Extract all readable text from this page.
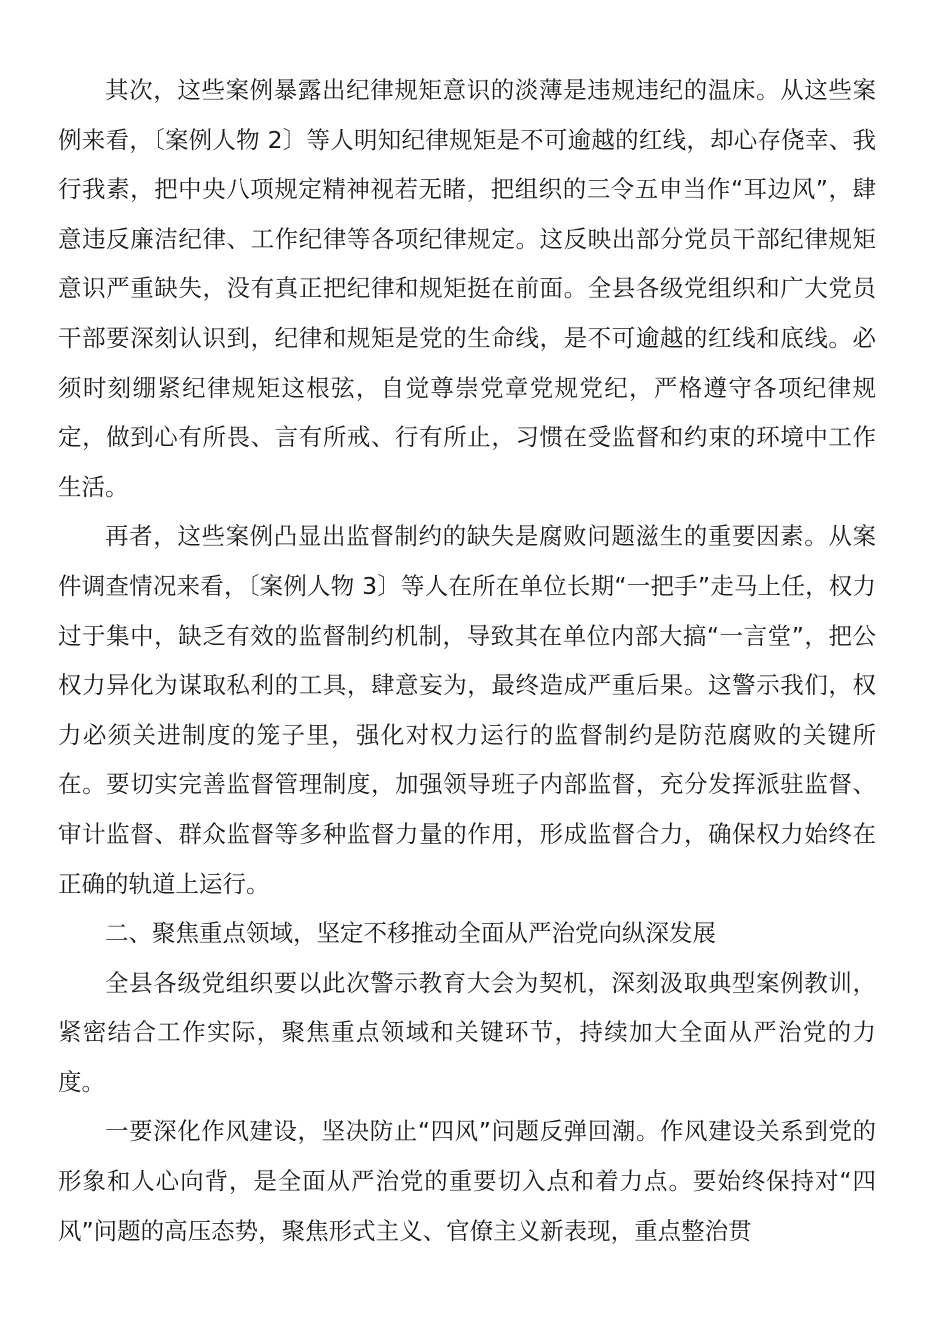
其次，这些案例暴露出纪律规矩意识的淡薄是违规违纪的温床。从这些案例来看，〔案例人物 2〕等人明知纪律规矩是不可逾越的红线，却心存侥幸、我行我素，把中央八项规定精神视若无睹，把组织的三令五申当作“耳边风”，肆意违反廉洁纪律、工作纪律等各项纪律规定。这反映出部分党员干部纪律规矩意识严重缺失，没有真正把纪律和规矩挺在前面。全县各级党组织和广大党员干部要深刻认识到，纪律和规矩是党的生命线，是不可逾越的红线和底线。必须时刻绷紧纪律规矩这根弦，自觉尊崇党章党规党纪，严格遵守各项纪律规定，做到心有所畏、言有所戒、行有所止，习惯在受监督和约束的环境中工作生活。

再者，这些案例凸显出监督制约的缺失是腐败问题滋生的重要因素。从案件调查情况来看，〔案例人物 3〕等人在所在单位长期“一把手”走马上任，权力过于集中，缺乏有效的监督制约机制，导致其在单位内部大搞“一言堂”，把公权力异化为谋取私利的工具，肆意妄为，最终造成严重后果。这警示我们，权力必须关进制度的笼子里，强化对权力运行的监督制约是防范腐败的关键所在。要切实完善监督管理制度，加强领导班子内部监督，充分发挥派驻监督、审计监督、群众监督等多种监督力量的作用，形成监督合力，确保权力始终在正确的轨道上运行。

二、聚焦重点领域，坚定不移推动全面从严治党向纵深发展

全县各级党组织要以此次警示教育大会为契机，深刻汲取典型案例教训，紧密结合工作实际，聚焦重点领域和关键环节，持续加大全面从严治党的力度。

一要深化作风建设，坚决防止“四风”问题反弹回潮。作风建设关系到党的形象和人心向背，是全面从严治党的重要切入点和着力点。要始终保持对“四风”问题的高压态势，聚焦形式主义、官僚主义新表现，重点整治贯
